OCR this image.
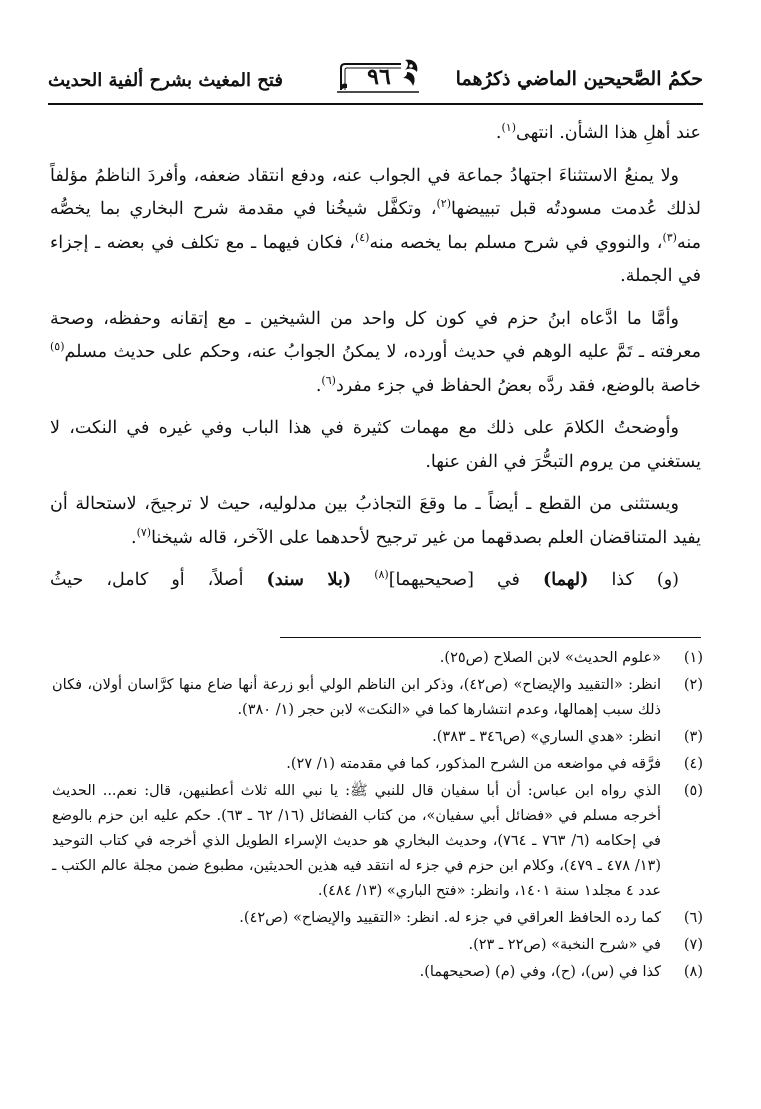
حكمُ الصَّحيحين الماضي ذكرُهما
٩٦
فتح المغيث بشرح ألفية الحديث

عند أهلِ هذا الشأن. انتهى$^{(١)}$.

ولا يمنعُ الاستثناءَ اجتهادُ جماعة في الجواب عنه، ودفع انتقاد ضعفه، وأفردَ الناظمُ مؤلفاً لذلك عُدمت مسودتُه قبل تبييضها$^{(٢)}$، وتكفَّل شيخُنا في مقدمة شرح البخاري بما يخصُّه منه$^{(٣)}$، والنووي في شرح مسلم بما يخصه منه$^{(٤)}$، فكان فيهما ـ مع تكلف في بعضه ـ إجزاء في الجملة.

وأمَّا ما ادَّعاه ابنُ حزم في كون كل واحد من الشيخين ـ مع إتقانه وحفظه، وصحة معرفته ـ تَمَّ عليه الوهم في حديث أورده، لا يمكنُ الجوابُ عنه، وحكم على حديث مسلم$^{(٥)}$ خاصة بالوضع، فقد ردَّه بعضُ الحفاظ في جزء مفرد$^{(٦)}$.

وأوضحتُ الكلامَ على ذلك مع مهمات كثيرة في هذا الباب وفي غيره في النكت، لا يستغني من يروم التبحُّرَ في الفن عنها.

ويستثنى من القطع ـ أيضاً ـ ما وقعَ التجاذبُ بين مدلوليه، حيث لا ترجيحَ، لاستحالة أن يفيد المتناقضان العلم بصدقهما من غير ترجيح لأحدهما على الآخر، قاله شيخنا$^{(٧)}$.

(و) كذا (لهما) في [صحيحيهما]$^{(٨)}$ (بلا سند) أصلاً، أو كامل، حيثُ

(١)
«علوم الحديث» لابن الصلاح (ص٢٥).
(٢)
انظر: «التقييد والإيضاح» (ص٤٢)، وذكر ابن الناظم الولي أبو زرعة أنها ضاع منها كرَّاسان أولان، فكان ذلك سبب إهمالها، وعدم انتشارها كما في «النكت» لابن حجر (١/ ٣٨٠).
(٣)
انظر: «هدي الساري» (ص٣٤٦ ـ ٣٨٣).
(٤)
فرَّقه في مواضعه من الشرح المذكور، كما في مقدمته (١/ ٢٧).
(٥)
الذي رواه ابن عباس: أن أبا سفيان قال للنبي ﷺ: يا نبي الله ثلاث أعطنيهن، قال: نعم... الحديث أخرجه مسلم في «فضائل أبي سفيان»، من كتاب الفضائل (١٦/ ٦٢ ـ ٦٣). حكم عليه ابن حزم بالوضع في إحكامه (٦/ ٧٦٣ ـ ٧٦٤)، وحديث البخاري هو حديث الإسراء الطويل الذي أخرجه في كتاب التوحيد (١٣/ ٤٧٨ ـ ٤٧٩)، وكلام ابن حزم في جزء له انتقد فيه هذين الحديثين، مطبوع ضمن مجلة عالم الكتب ـ عدد ٤ مجلد١ سنة ١٤٠١، وانظر: «فتح الباري» (١٣/ ٤٨٤).
(٦)
كما رده الحافظ العراقي في جزء له. انظر: «التقييد والإيضاح» (ص٤٢).
(٧)
في «شرح النخبة» (ص٢٢ ـ ٢٣).
(٨)
كذا في (س)، (ح)، وفي (م) (صحيحهما).
